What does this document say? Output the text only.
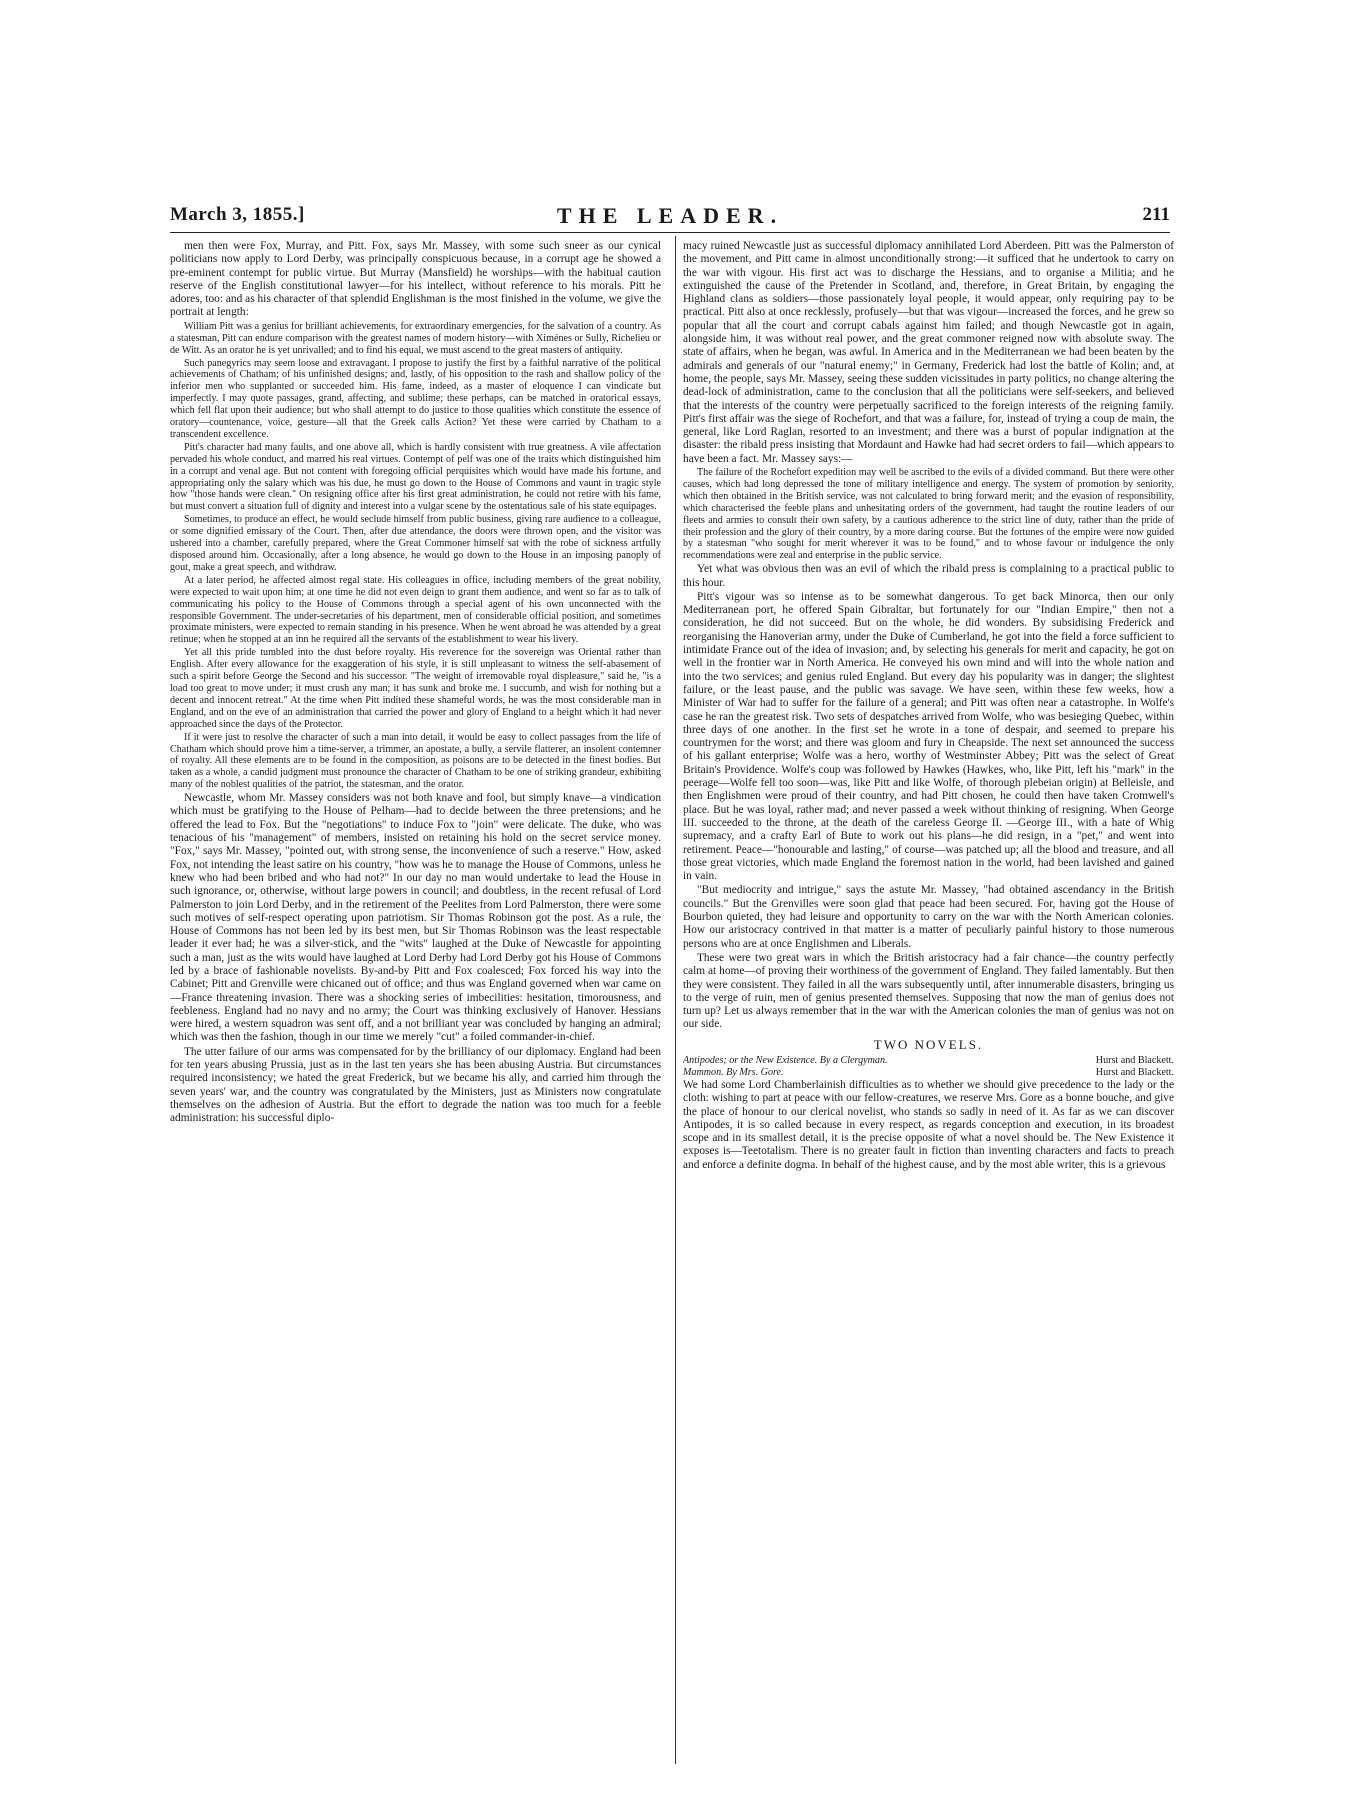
March 3, 1855.]	THE LEADER.	211

men then were Fox, Murray, and Pitt. Fox, says Mr. Massey, with some such sneer as our cynical politicians now apply to Lord Derby, was principally conspicuous because, in a corrupt age he showed a pre-eminent contempt for public virtue. But Murray (Mansfield) he worships—with the habitual caution reserve of the English constitutional lawyer—for his intellect, without reference to his morals. Pitt he adores, too: and as his character of that splendid Englishman is the most finished in the volume, we give the portrait at length:

William Pitt was a genius for brilliant achievements, for extraordinary emergencies, for the salvation of a country. As a statesman, Pitt can endure comparison with the greatest names of modern history—with Ximénes or Sully, Richelieu or de Witt. As an orator he is yet unrivalled; and to find his equal, we must ascend to the great masters of antiquity.

Such panegyrics may seem loose and extravagant. I propose to justify the first by a faithful narrative of the political achievements of Chatham; of his unfinished designs; and, lastly, of his opposition to the rash and shallow policy of the inferior men who supplanted or succeeded him. His fame, indeed, as a master of eloquence I can vindicate but imperfectly. I may quote passages, grand, affecting, and sublime; these perhaps, can be matched in oratorical essays, which fell flat upon their audience; but who shall attempt to do justice to those qualities which constitute the essence of oratory—countenance, voice, gesture—all that the Greek calls Action? Yet these were carried by Chatham to a transcendent excellence.

Pitt's character had many faults, and one above all, which is hardly consistent with true greatness. A vile affectation pervaded his whole conduct, and marred his real virtues. Contempt of pelf was one of the traits which distinguished him in a corrupt and venal age. But not content with foregoing official perquisites which would have made his fortune, and appropriating only the salary which was his due, he must go down to the House of Commons and vaunt in tragic style how "those hands were clean." On resigning office after his first great administration, he could not retire with his fame, but must convert a situation full of dignity and interest into a vulgar scene by the ostentatious sale of his state equipages.

Sometimes, to produce an effect, he would seclude himself from public business, giving rare audience to a colleague, or some dignified emissary of the Court. Then, after due attendance, the doors were thrown open, and the visitor was ushered into a chamber, carefully prepared, where the Great Commoner himself sat with the robe of sickness artfully disposed around him. Occasionally, after a long absence, he would go down to the House in an imposing panoply of gout, make a great speech, and withdraw.

At a later period, he affected almost regal state. His colleagues in office, including members of the great nobility, were expected to wait upon him; at one time he did not even deign to grant them audience, and went so far as to talk of communicating his policy to the House of Commons through a special agent of his own unconnected with the responsible Government. The under-secretaries of his department, men of considerable official position, and sometimes proximate ministers, were expected to remain standing in his presence. When he went abroad he was attended by a great retinue; when he stopped at an inn he required all the servants of the establishment to wear his livery.

Yet all this pride tumbled into the dust before royalty. His reverence for the sovereign was Oriental rather than English. After every allowance for the exaggeration of his style, it is still unpleasant to witness the self-abasement of such a spirit before George the Second and his successor. "The weight of irremovable royal displeasure," said he, "is a load too great to move under; it must crush any man; it has sunk and broke me. I succumb, and wish for nothing but a decent and innocent retreat." At the time when Pitt indited these shameful words, he was the most considerable man in England, and on the eve of an administration that carried the power and glory of England to a height which it had never approached since the days of the Protector.

If it were just to resolve the character of such a man into detail, it would be easy to collect passages from the life of Chatham which should prove him a time-server, a trimmer, an apostate, a bully, a servile flatterer, an insolent contemner of royalty. All these elements are to be found in the composition, as poisons are to be detected in the finest bodies. But taken as a whole, a candid judgment must pronounce the character of Chatham to be one of striking grandeur, exhibiting many of the noblest qualities of the patriot, the statesman, and the orator.

Newcastle, whom Mr. Massey considers was not both knave and fool, but simply knave—a vindication which must be gratifying to the House of Pelham—had to decide between the three pretensions; and he offered the lead to Fox. But the "negotiations" to induce Fox to "join" were delicate. The duke, who was tenacious of his "management" of members, insisted on retaining his hold on the secret service money. "Fox," says Mr. Massey, "pointed out, with strong sense, the inconvenience of such a reserve." How, asked Fox, not intending the least satire on his country, "how was he to manage the House of Commons, unless he knew who had been bribed and who had not?" In our day no man would undertake to lead the House in such ignorance, or, otherwise, without large powers in council; and doubtless, in the recent refusal of Lord Palmerston to join Lord Derby, and in the retirement of the Peelites from Lord Palmerston, there were some such motives of self-respect operating upon patriotism. Sir Thomas Robinson got the post. As a rule, the House of Commons has not been led by its best men, but Sir Thomas Robinson was the least respectable leader it ever had; he was a silver-stick, and the "wits" laughed at the Duke of Newcastle for appointing such a man, just as the wits would have laughed at Lord Derby had Lord Derby got his House of Commons led by a brace of fashionable novelists. By-and-by Pitt and Fox coalesced; Fox forced his way into the Cabinet; Pitt and Grenville were chicaned out of office; and thus was England governed when war came on—France threatening invasion. There was a shocking series of imbecilities: hesitation, timorousness, and feebleness. England had no navy and no army; the Court was thinking exclusively of Hanover. Hessians were hired, a western squadron was sent off, and a not brilliant year was concluded by hanging an admiral; which was then the fashion, though in our time we merely "cut" a foiled commander-in-chief.

The utter failure of our arms was compensated for by the brilliancy of our diplomacy. England had been for ten years abusing Prussia, just as in the last ten years she has been abusing Austria. But circumstances required inconsistency; we hated the great Frederick, but we became his ally, and carried him through the seven years' war, and the country was congratulated by the Ministers, just as Ministers now congratulate themselves on the adhesion of Austria. But the effort to degrade the nation was too much for a feeble administration: his successful diplo-

macy ruined Newcastle just as successful diplomacy annihilated Lord Aberdeen. Pitt was the Palmerston of the movement, and Pitt came in almost unconditionally strong:—it sufficed that he undertook to carry on the war with vigour. His first act was to discharge the Hessians, and to organise a Militia; and he extinguished the cause of the Pretender in Scotland, and, therefore, in Great Britain, by engaging the Highland clans as soldiers—those passionately loyal people, it would appear, only requiring pay to be practical. Pitt also at once recklessly, profusely—but that was vigour—increased the forces, and he grew so popular that all the court and corrupt cabals against him failed; and though Newcastle got in again, alongside him, it was without real power, and the great commoner reigned now with absolute sway. The state of affairs, when he began, was awful. In America and in the Mediterranean we had been beaten by the admirals and generals of our "natural enemy;" in Germany, Frederick had lost the battle of Kolin; and, at home, the people, says Mr. Massey, seeing these sudden vicissitudes in party politics, no change altering the dead-lock of administration, came to the conclusion that all the politicians were self-seekers, and believed that the interests of the country were perpetually sacrificed to the foreign interests of the reigning family. Pitt's first affair was the siege of Rochefort, and that was a failure, for, instead of trying a coup de main, the general, like Lord Raglan, resorted to an investment; and there was a burst of popular indignation at the disaster: the ribald press insisting that Mordaunt and Hawke had had secret orders to fail—which appears to have been a fact. Mr. Massey says:—

The failure of the Rochefort expedition may well be ascribed to the evils of a divided command. But there were other causes, which had long depressed the tone of military intelligence and energy. The system of promotion by seniority, which then obtained in the British service, was not calculated to bring forward merit; and the evasion of responsibility, which characterised the feeble plans and unhesitating orders of the government, had taught the routine leaders of our fleets and armies to consult their own safety, by a cautious adherence to the strict line of duty, rather than the pride of their profession and the glory of their country, by a more daring course. But the fortunes of the empire were now guided by a statesman "who sought for merit wherever it was to be found," and to whose favour or indulgence the only recommendations were zeal and enterprise in the public service.

Yet what was obvious then was an evil of which the ribald press is complaining to a practical public to this hour.

Pitt's vigour was so intense as to be somewhat dangerous. To get back Minorca, then our only Mediterranean port, he offered Spain Gibraltar, but fortunately for our "Indian Empire," then not a consideration, he did not succeed. But on the whole, he did wonders. By subsidising Frederick and reorganising the Hanoverian army, under the Duke of Cumberland, he got into the field a force sufficient to intimidate France out of the idea of invasion; and, by selecting his generals for merit and capacity, he got on well in the frontier war in North America. He conveyed his own mind and will into the whole nation and into the two services; and genius ruled England. But every day his popularity was in danger; the slightest failure, or the least pause, and the public was savage. We have seen, within these few weeks, how a Minister of War had to suffer for the failure of a general; and Pitt was often near a catastrophe. In Wolfe's case he ran the greatest risk. Two sets of despatches arrived from Wolfe, who was besieging Quebec, within three days of one another. In the first set he wrote in a tone of despair, and seemed to prepare his countrymen for the worst; and there was gloom and fury in Cheapside. The next set announced the success of his gallant enterprise; Wolfe was a hero, worthy of Westminster Abbey; Pitt was the select of Great Britain's Providence. Wolfe's coup was followed by Hawkes (Hawkes, who, like Pitt, left his "mark" in the peerage—Wolfe fell too soon—was, like Pitt and like Wolfe, of thorough plebeian origin) at Belleisle, and then Englishmen were proud of their country, and had Pitt chosen, he could then have taken Cromwell's place. But he was loyal, rather mad; and never passed a week without thinking of resigning. When George III. succeeded to the throne, at the death of the careless George II. —George III., with a hate of Whig supremacy, and a crafty Earl of Bute to work out his plans—he did resign, in a "pet," and went into retirement. Peace—"honourable and lasting," of course—was patched up; all the blood and treasure, and all those great victories, which made England the foremost nation in the world, had been lavished and gained in vain.

"But mediocrity and intrigue," says the astute Mr. Massey, "had obtained ascendancy in the British councils." But the Grenvilles were soon glad that peace had been secured. For, having got the House of Bourbon quieted, they had leisure and opportunity to carry on the war with the North American colonies. How our aristocracy contrived in that matter is a matter of peculiarly painful history to those numerous persons who are at once Englishmen and Liberals.

These were two great wars in which the British aristocracy had a fair chance—the country perfectly calm at home—of proving their worthiness of the government of England. They failed lamentably. But then they were consistent. They failed in all the wars subsequently until, after innumerable disasters, bringing us to the verge of ruin, men of genius presented themselves. Supposing that now the man of genius does not turn up? Let us always remember that in the war with the American colonies the man of genius was not on our side.

TWO NOVELS.
Antipodes; or the New Existence. By a Clergyman.	Hurst and Blackett.
Mammon. By Mrs. Gore.	Hurst and Blackett.

We had some Lord Chamberlainish difficulties as to whether we should give precedence to the lady or the cloth: wishing to part at peace with our fellow-creatures, we reserve Mrs. Gore as a bonne bouche, and give the place of honour to our clerical novelist, who stands so sadly in need of it. As far as we can discover Antipodes, it is so called because in every respect, as regards conception and execution, in its broadest scope and in its smallest detail, it is the precise opposite of what a novel should be. The New Existence it exposes is—Teetotalism. There is no greater fault in fiction than inventing characters and facts to preach and enforce a definite dogma. In behalf of the highest cause, and by the most able writer, this is a grievous
